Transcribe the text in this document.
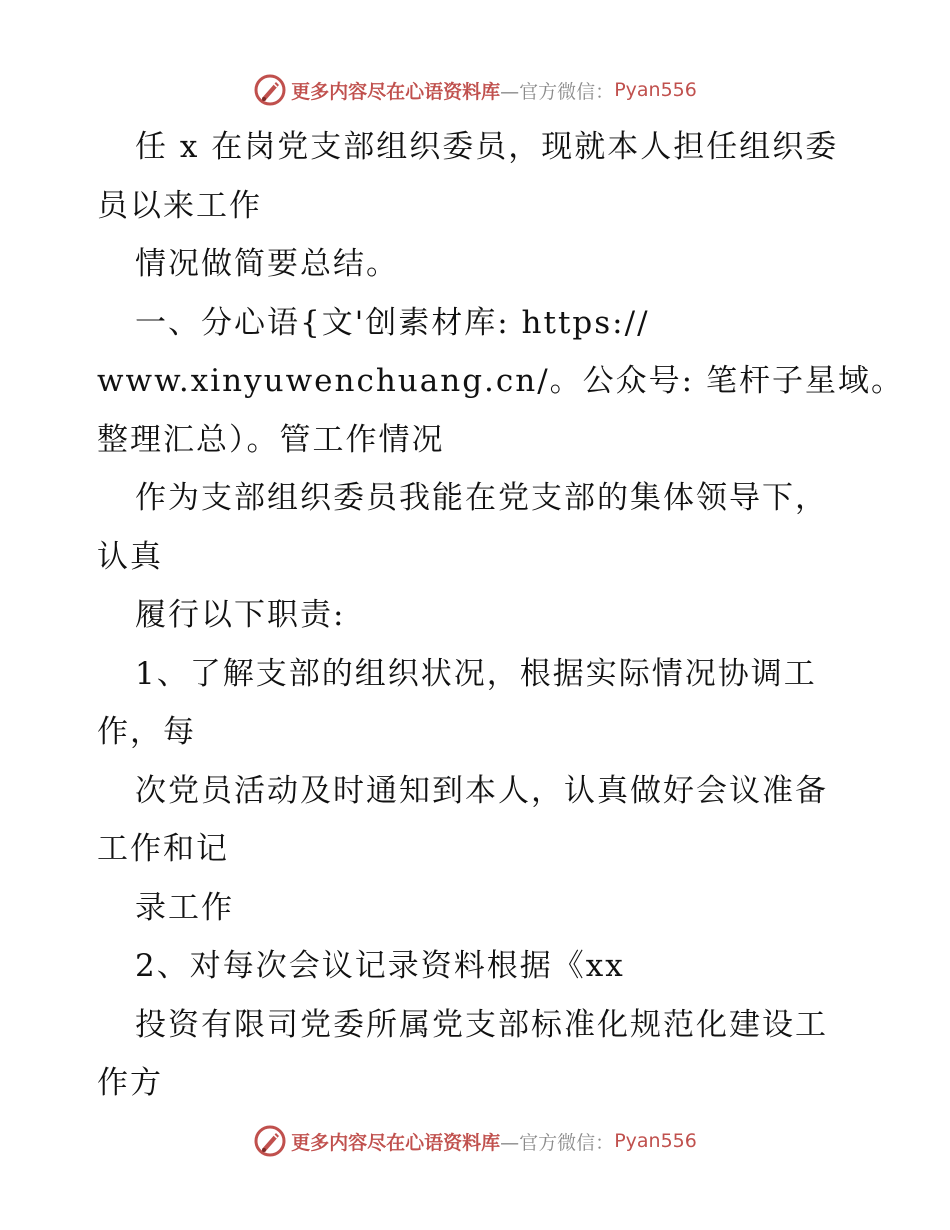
更多内容尽在心语资料库 —官方微信： Pyan556
任 x 在岗党支部组织委员，现就本人担任组织委
员以来工作
情况做简要总结。
一、分心语{文'创素材库: https://
www.xinyuwenchuang.cn/。公众号: 笔杆子星域。
整理汇总）。管工作情况
作为支部组织委员我能在党支部的集体领导下，
认真
履行以下职责:
1、了解支部的组织状况，根据实际情况协调工
作，每
次党员活动及时通知到本人，认真做好会议准备
工作和记
录工作
2、对每次会议记录资料根据《xx
投资有限司党委所属党支部标准化规范化建设工
作方
更多内容尽在心语资料库 —官方微信： Pyan556
